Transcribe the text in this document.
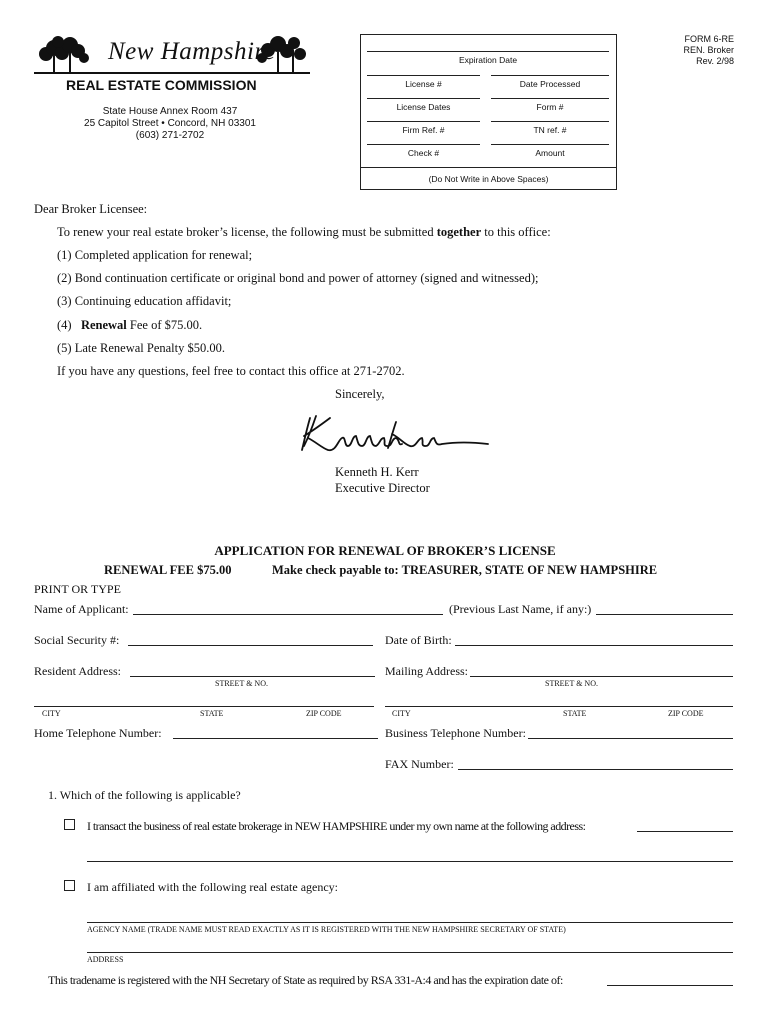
FORM 6-RE
REN. Broker
Rev. 2/98
New Hampshire
REAL ESTATE COMMISSION
State House Annex Room 437
25 Capitol Street • Concord, NH 03301
(603) 271-2702
Expiration Date
License #	Date Processed
License Dates	Form #
Firm Ref. #	TN ref. #
Check #	Amount
(Do Not Write in Above Spaces)
Dear Broker Licensee:
To renew your real estate broker’s license, the following must be submitted together to this office:
(1) Completed application for renewal;
(2) Bond continuation certificate or original bond and power of attorney (signed and witnessed);
(3) Continuing education affidavit;
(4)   Renewal Fee of $75.00.
(5) Late Renewal Penalty $50.00.
If you have any questions, feel free to contact this office at 271-2702.
Sincerely,
Kenneth H. Kerr
Executive Director
APPLICATION FOR RENEWAL OF BROKER’S LICENSE
RENEWAL FEE $75.00	Make check payable to: TREASURER, STATE OF NEW HAMPSHIRE
PRINT OR TYPE
Name of Applicant:	(Previous Last Name, if any:)
Social Security #:	Date of Birth:
Resident Address:
STREET & NO.
Mailing Address:
STREET & NO.
CITY	STATE	ZIP CODE	CITY	STATE	ZIP CODE
Home Telephone Number:	Business Telephone Number:
FAX Number:
1. Which of the following is applicable?
I transact the business of real estate brokerage in NEW HAMPSHIRE under my own name at the following address:
I am affiliated with the following real estate agency:
AGENCY NAME (TRADE NAME MUST READ EXACTLY AS IT IS REGISTERED WITH THE NEW HAMPSHIRE SECRETARY OF STATE)
ADDRESS
This tradename is registered with the NH Secretary of State as required by RSA 331-A:4 and has the expiration date of:
